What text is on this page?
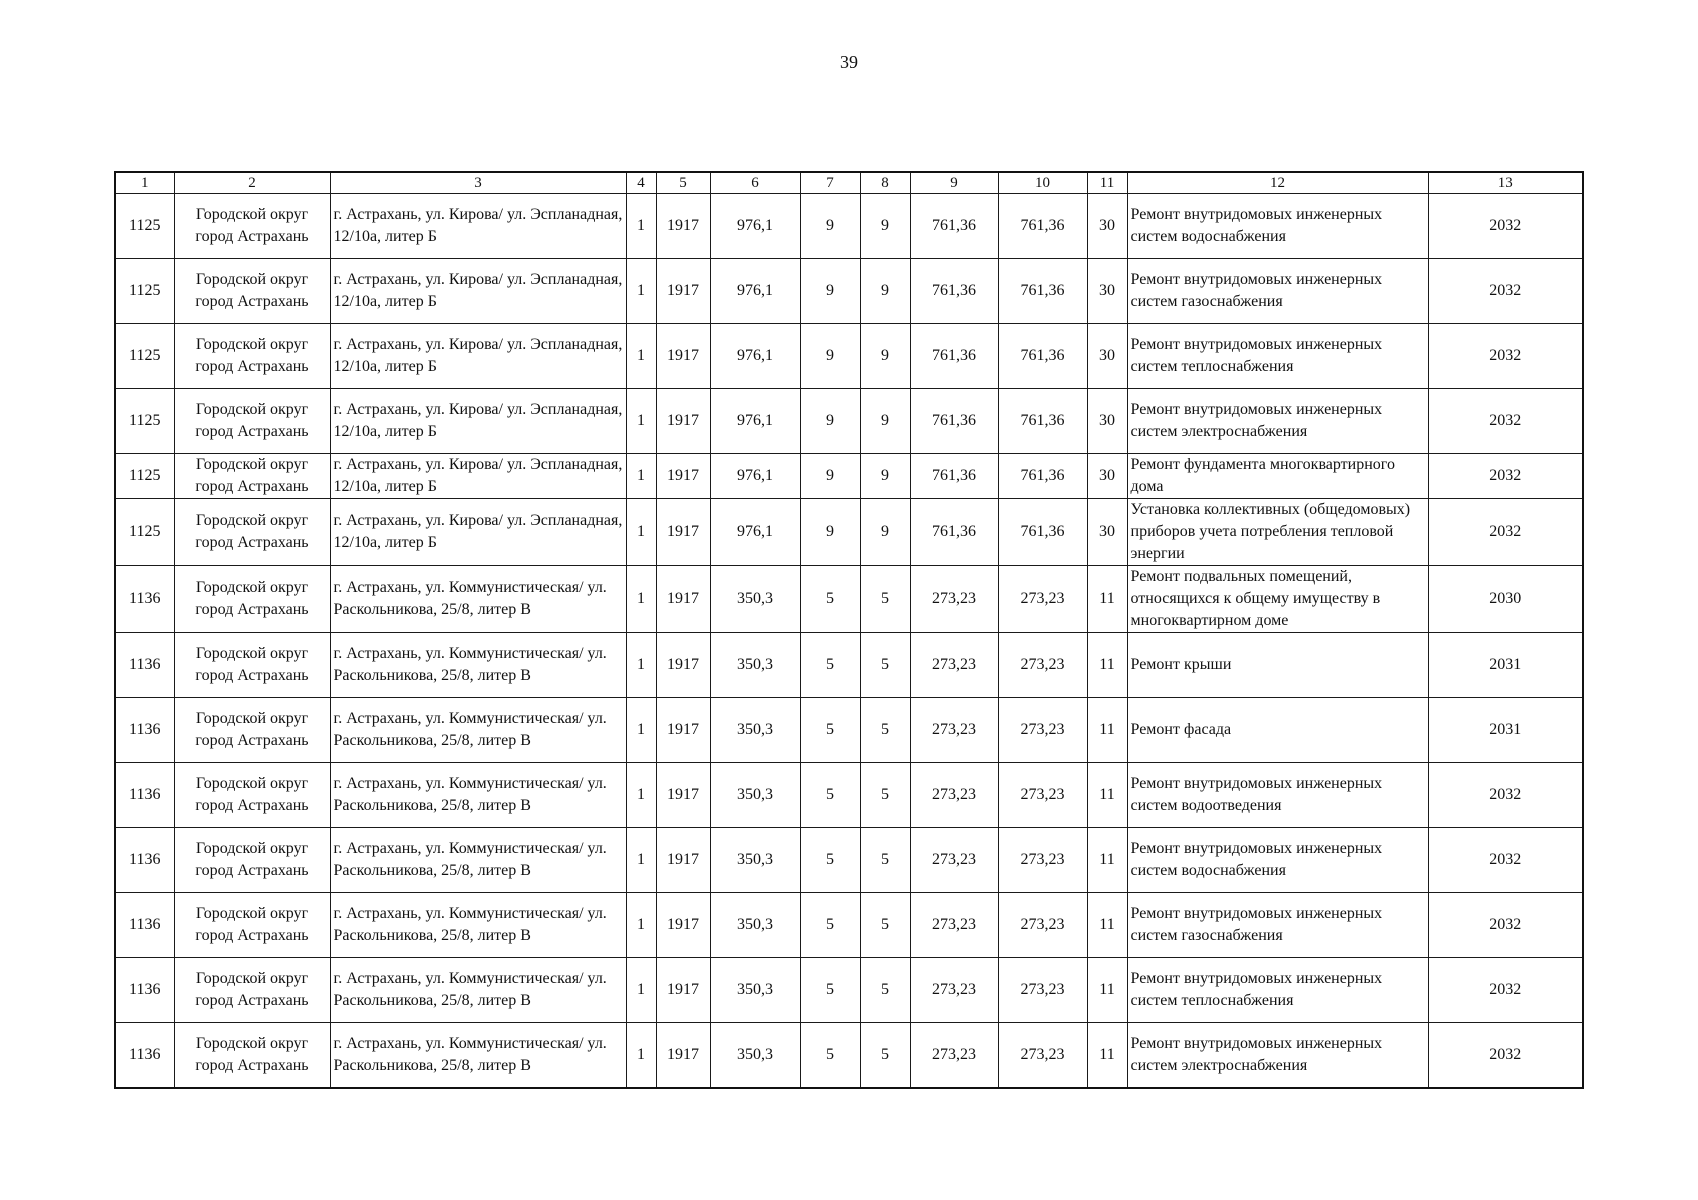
39
1	2	3	4	5	6	7	8	9	10	11	12	13
1125	Городской округ город Астрахань	г. Астрахань, ул. Кирова/ ул. Эспланадная, 12/10а, литер Б	1	1917	976,1	9	9	761,36	761,36	30	Ремонт внутридомовых инженерных систем водоснабжения	2032
1125	Городской округ город Астрахань	г. Астрахань, ул. Кирова/ ул. Эспланадная, 12/10а, литер Б	1	1917	976,1	9	9	761,36	761,36	30	Ремонт внутридомовых инженерных систем газоснабжения	2032
1125	Городской округ город Астрахань	г. Астрахань, ул. Кирова/ ул. Эспланадная, 12/10а, литер Б	1	1917	976,1	9	9	761,36	761,36	30	Ремонт внутридомовых инженерных систем теплоснабжения	2032
1125	Городской округ город Астрахань	г. Астрахань, ул. Кирова/ ул. Эспланадная, 12/10а, литер Б	1	1917	976,1	9	9	761,36	761,36	30	Ремонт внутридомовых инженерных систем электроснабжения	2032
1125	Городской округ город Астрахань	г. Астрахань, ул. Кирова/ ул. Эспланадная, 12/10а, литер Б	1	1917	976,1	9	9	761,36	761,36	30	Ремонт фундамента многоквартирного дома	2032
1125	Городской округ город Астрахань	г. Астрахань, ул. Кирова/ ул. Эспланадная, 12/10а, литер Б	1	1917	976,1	9	9	761,36	761,36	30	Установка коллективных (общедомовых) приборов учета потребления тепловой энергии	2032
1136	Городской округ город Астрахань	г. Астрахань, ул. Коммунистическая/ ул. Раскольникова, 25/8, литер В	1	1917	350,3	5	5	273,23	273,23	11	Ремонт подвальных помещений, относящихся к общему имуществу в многоквартирном доме	2030
1136	Городской округ город Астрахань	г. Астрахань, ул. Коммунистическая/ ул. Раскольникова, 25/8, литер В	1	1917	350,3	5	5	273,23	273,23	11	Ремонт крыши	2031
1136	Городской округ город Астрахань	г. Астрахань, ул. Коммунистическая/ ул. Раскольникова, 25/8, литер В	1	1917	350,3	5	5	273,23	273,23	11	Ремонт фасада	2031
1136	Городской округ город Астрахань	г. Астрахань, ул. Коммунистическая/ ул. Раскольникова, 25/8, литер В	1	1917	350,3	5	5	273,23	273,23	11	Ремонт внутридомовых инженерных систем водоотведения	2032
1136	Городской округ город Астрахань	г. Астрахань, ул. Коммунистическая/ ул. Раскольникова, 25/8, литер В	1	1917	350,3	5	5	273,23	273,23	11	Ремонт внутридомовых инженерных систем водоснабжения	2032
1136	Городской округ город Астрахань	г. Астрахань, ул. Коммунистическая/ ул. Раскольникова, 25/8, литер В	1	1917	350,3	5	5	273,23	273,23	11	Ремонт внутридомовых инженерных систем газоснабжения	2032
1136	Городской округ город Астрахань	г. Астрахань, ул. Коммунистическая/ ул. Раскольникова, 25/8, литер В	1	1917	350,3	5	5	273,23	273,23	11	Ремонт внутридомовых инженерных систем теплоснабжения	2032
1136	Городской округ город Астрахань	г. Астрахань, ул. Коммунистическая/ ул. Раскольникова, 25/8, литер В	1	1917	350,3	5	5	273,23	273,23	11	Ремонт внутридомовых инженерных систем электроснабжения	2032
